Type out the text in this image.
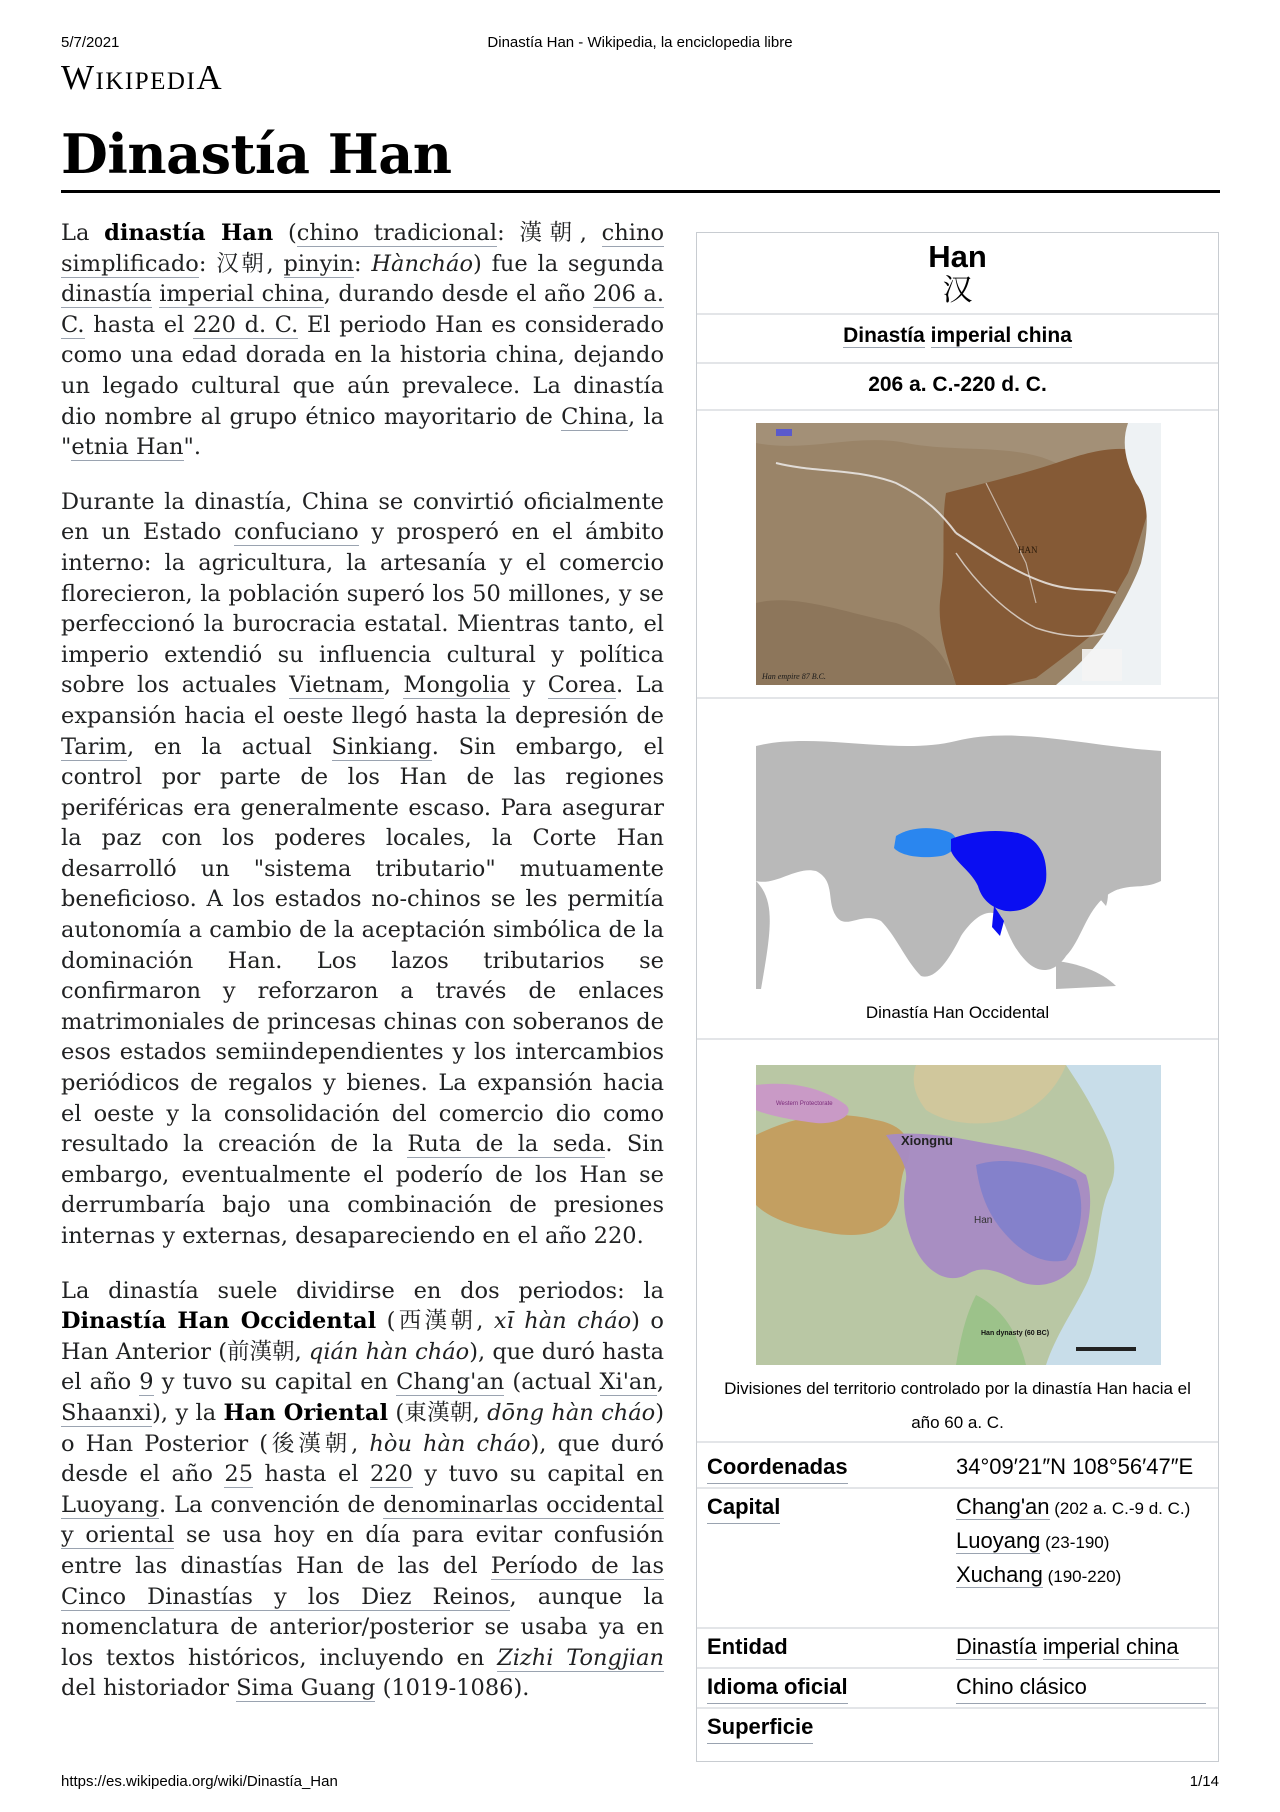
5/7/2021	Dinastía Han - Wikipedia, la enciclopedia libre
WIKIPEDIA
Dinastía Han

La dinastía Han (chino tradicional: 漢朝, chino simplificado: 汉朝, pinyin: Hàncháo) fue la segunda dinastía imperial china, durando desde el año 206 a. C. hasta el 220 d. C. El periodo Han es considerado como una edad dorada en la historia china, dejando un legado cultural que aún prevalece. La dinastía dio nombre al grupo étnico mayoritario de China, la "etnia Han".

Durante la dinastía, China se convirtió oficialmente en un Estado confuciano y prosperó en el ámbito interno: la agricultura, la artesanía y el comercio florecieron, la población superó los 50 millones, y se perfeccionó la burocracia estatal. Mientras tanto, el imperio extendió su influencia cultural y política sobre los actuales Vietnam, Mongolia y Corea. La expansión hacia el oeste llegó hasta la depresión de Tarim, en la actual Sinkiang. Sin embargo, el control por parte de los Han de las regiones periféricas era generalmente escaso. Para asegurar la paz con los poderes locales, la Corte Han desarrolló un "sistema tributario" mutuamente beneficioso. A los estados no-chinos se les permitía autonomía a cambio de la aceptación simbólica de la dominación Han. Los lazos tributarios se confirmaron y reforzaron a través de enlaces matrimoniales de princesas chinas con soberanos de esos estados semiindependientes y los intercambios periódicos de regalos y bienes. La expansión hacia el oeste y la consolidación del comercio dio como resultado la creación de la Ruta de la seda. Sin embargo, eventualmente el poderío de los Han se derrumbaría bajo una combinación de presiones internas y externas, desapareciendo en el año 220.

La dinastía suele dividirse en dos periodos: la Dinastía Han Occidental (西漢朝, xī hàn cháo) o Han Anterior (前漢朝, qián hàn cháo), que duró hasta el año 9 y tuvo su capital en Chang'an (actual Xi'an, Shaanxi), y la Han Oriental (東漢朝, dōng hàn cháo) o Han Posterior (後漢朝, hòu hàn cháo), que duró desde el año 25 hasta el 220 y tuvo su capital en Luoyang. La convención de denominarlas occidental y oriental se usa hoy en día para evitar confusión entre las dinastías Han de las del Período de las Cinco Dinastías y los Diez Reinos, aunque la nomenclatura de anterior/posterior se usaba ya en los textos históricos, incluyendo en Zizhi Tongjian del historiador Sima Guang (1019-1086).

Han
汉
Dinastía imperial china
206 a. C.-220 d. C.
HAN
Han empire 87 B.C.
Dinastía Han Occidental
Xiongnu
Western Protectorate
Han
Han dynasty (60 BC)
Divisiones del territorio controlado por la dinastía Han hacia el año 60 a. C.
Coordenadas	34°09′21″N 108°56′47″E
Capital	Chang'an (202 a. C.-9 d. C.)
Luoyang (23-190)
Xuchang (190-220)
Entidad	Dinastía imperial china
Idioma oficial	Chino clásico
Superficie
https://es.wikipedia.org/wiki/Dinastía_Han	1/14
